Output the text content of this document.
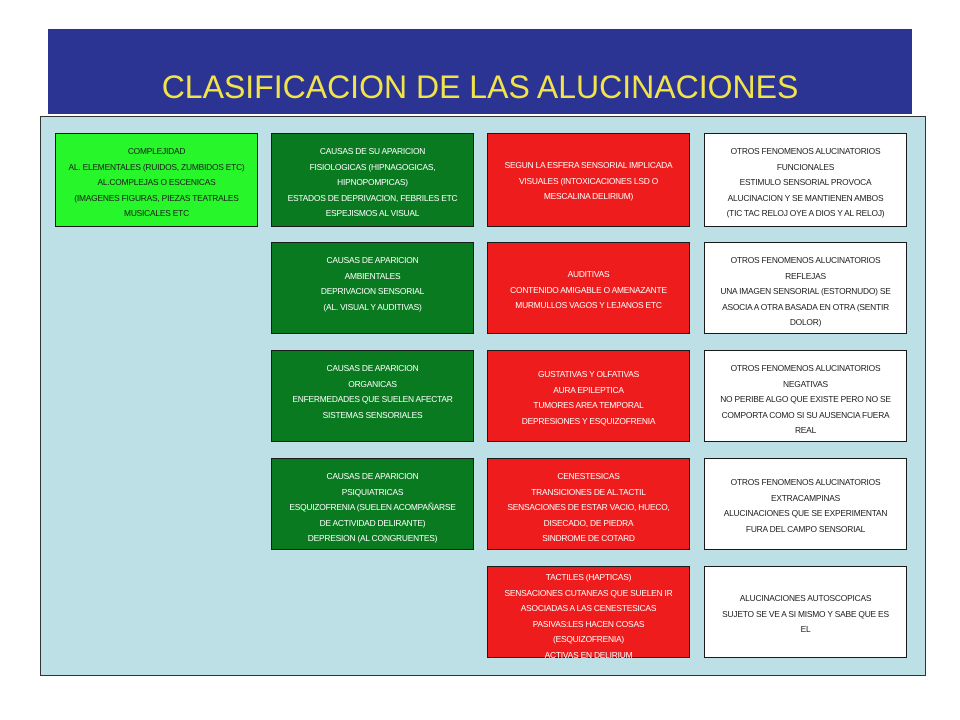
CLASIFICACION DE LAS ALUCINACIONES
COMPLEJIDAD
AL. ELEMENTALES (RUIDOS, ZUMBIDOS ETC)
AL.COMPLEJAS O ESCENICAS
(IMAGENES FIGURAS, PIEZAS TEATRALES
MUSICALES ETC
CAUSAS DE SU APARICION
FISIOLOGICAS (HIPNAGOGICAS,
HIPNOPOMPICAS)
ESTADOS DE DEPRIVACION, FEBRILES ETC
ESPEJISMOS AL VISUAL
CAUSAS DE APARICION
AMBIENTALES
DEPRIVACION SENSORIAL
(AL. VISUAL Y AUDITIVAS)
CAUSAS DE APARICION
ORGANICAS
ENFERMEDADES QUE SUELEN AFECTAR
SISTEMAS SENSORIALES
CAUSAS DE APARICION
PSIQUIATRICAS
ESQUIZOFRENIA (SUELEN ACOMPAÑARSE
DE ACTIVIDAD DELIRANTE)
DEPRESION (AL CONGRUENTES)
SEGUN LA ESFERA SENSORIAL IMPLICADA
VISUALES (INTOXICACIONES LSD O
MESCALINA DELIRIUM)
AUDITIVAS
CONTENIDO AMIGABLE O AMENAZANTE
MURMULLOS VAGOS Y LEJANOS ETC
GUSTATIVAS Y OLFATIVAS
AURA EPILEPTICA
TUMORES AREA TEMPORAL
DEPRESIONES Y ESQUIZOFRENIA
CENESTESICAS
TRANSICIONES DE AL.TACTIL
SENSACIONES DE ESTAR VACIO, HUECO,
DISECADO, DE PIEDRA
SINDROME DE COTARD
TACTILES (HAPTICAS)
SENSACIONES CUTANEAS QUE SUELEN IR
ASOCIADAS A LAS CENESTESICAS
PASIVAS:LES HACEN COSAS
(ESQUIZOFRENIA)
ACTIVAS EN DELIRIUM
OTROS FENOMENOS ALUCINATORIOS
FUNCIONALES
ESTIMULO SENSORIAL PROVOCA
ALUCINACION Y SE MANTIENEN AMBOS
(TIC TAC RELOJ OYE A DIOS Y AL RELOJ)
OTROS FENOMENOS ALUCINATORIOS
REFLEJAS
UNA IMAGEN SENSORIAL (ESTORNUDO) SE
ASOCIA A OTRA BASADA EN OTRA (SENTIR
DOLOR)
OTROS FENOMENOS ALUCINATORIOS
NEGATIVAS
NO PERIBE ALGO QUE EXISTE PERO NO SE
COMPORTA COMO SI SU AUSENCIA FUERA
REAL
OTROS FENOMENOS ALUCINATORIOS
EXTRACAMPINAS
ALUCINACIONES QUE SE EXPERIMENTAN
FURA DEL CAMPO SENSORIAL
ALUCINACIONES AUTOSCOPICAS
SUJETO SE VE A SI MISMO Y SABE QUE ES
EL
